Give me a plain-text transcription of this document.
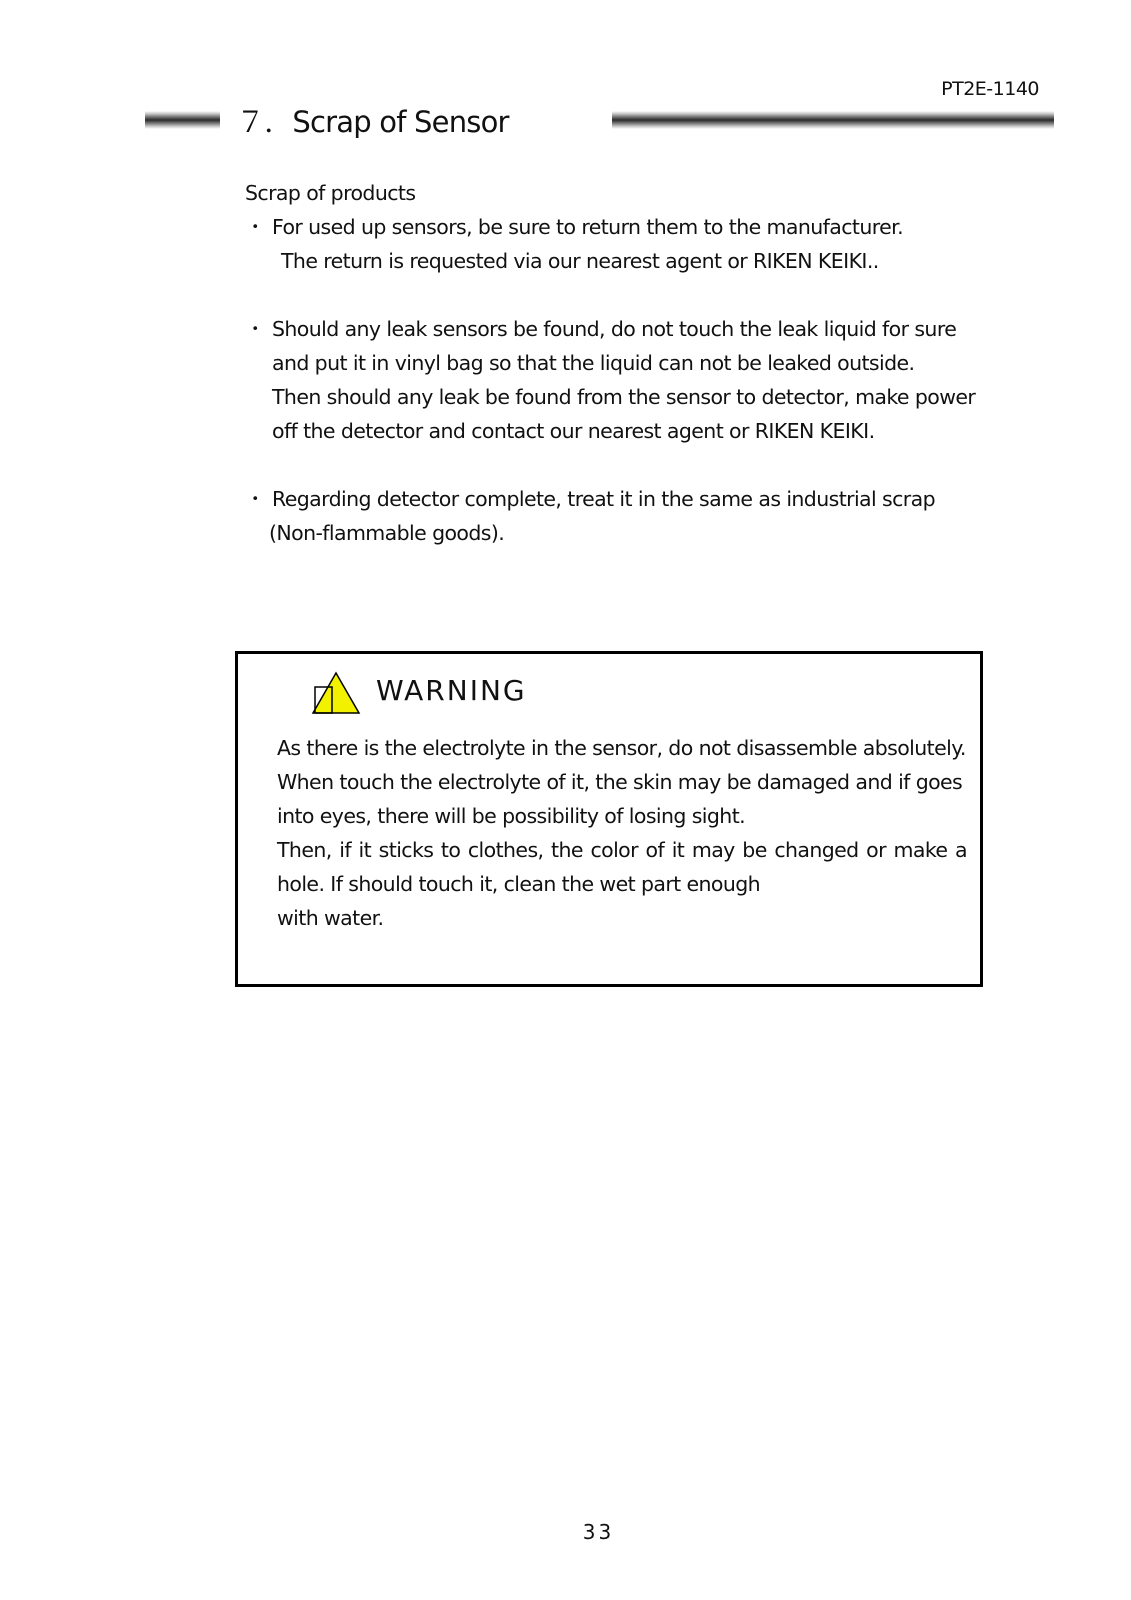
PT2E-1140
７．Scrap of Sensor
Scrap of products
・ For used up sensors, be sure to return them to the manufacturer.
The return is requested via our nearest agent or RIKEN KEIKI..
・ Should any leak sensors be found, do not touch the leak liquid for sure
and put it in vinyl bag so that the liquid can not be leaked outside.
Then should any leak be found from the sensor to detector, make power
off the detector and contact our nearest agent or RIKEN KEIKI.
・ Regarding detector complete, treat it in the same as industrial scrap
(Non-flammable goods).
WARNING
As there is the electrolyte in the sensor, do not disassemble absolutely.
When touch the electrolyte of it, the skin may be damaged and if goes
into eyes, there will be possibility of losing sight.
Then, if it sticks to clothes, the color of it may be changed or make a
hole. If should touch it, clean the wet part enough
with water.
33
